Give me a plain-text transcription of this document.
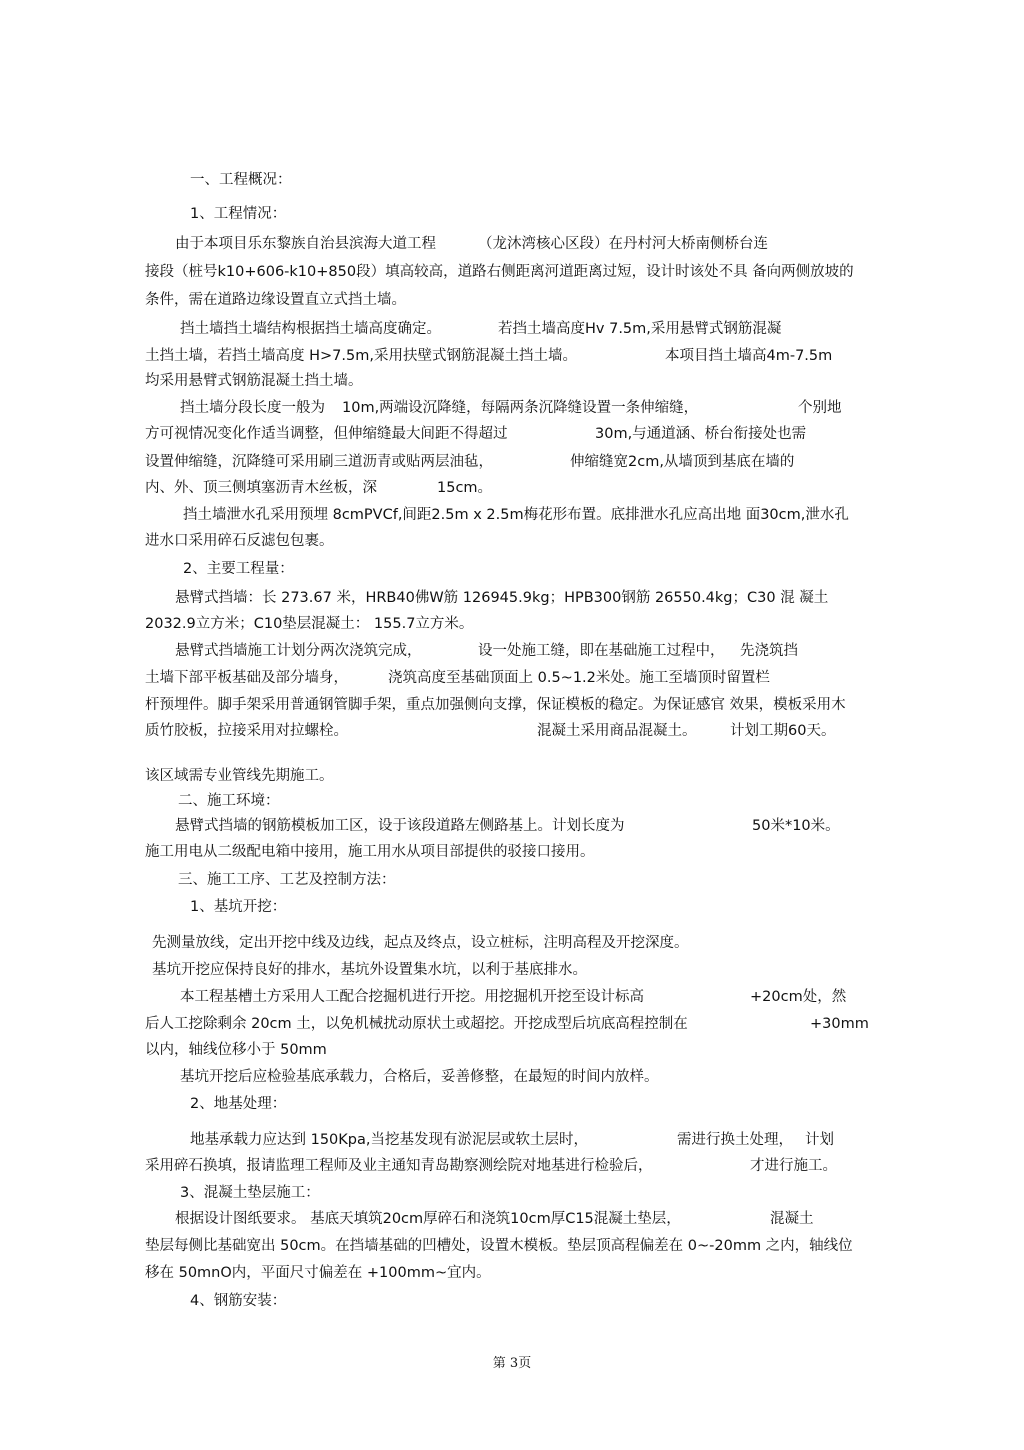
一、工程概况：
1、工程情况：
由于本项目乐东黎族自治县滨海大道工程	（龙沐湾核心区段）在丹村河大桥南侧桥台连
接段（桩号k10+606-k10+850段）填高较高，道路右侧距离河道距离过短，设计时该处不具 备向两侧放坡的
条件，需在道路边缘设置直立式挡土墙。
挡土墙挡土墙结构根据挡土墙高度确定。	若挡土墙高度Hv 7.5m,采用悬臂式钢筋混凝
土挡土墙，若挡土墙高度 H>7.5m,采用扶壁式钢筋混凝土挡土墙。	本项目挡土墙高4m-7.5m
均采用悬臂式钢筋混凝土挡土墙。
挡土墙分段长度一般为 10m,两端设沉降缝，每隔两条沉降缝设置一条伸缩缝，	个别地
方可视情况变化作适当调整，但伸缩缝最大间距不得超过	30m,与通道涵、桥台衔接处也需
设置伸缩缝，沉降缝可采用刷三道沥青或贴两层油毡，	伸缩缝宽2cm,从墙顶到基底在墙的
内、外、顶三侧填塞沥青木丝板，深	15cm。
挡土墙泄水孔采用预埋 8cmPVCf,间距2.5m x 2.5m梅花形布置。底排泄水孔应高出地 面30cm,泄水孔
进水口采用碎石反滤包包裹。
2、主要工程量：
悬臂式挡墙：长 273.67 米，HRB40佛W筋 126945.9kg；HPB300钢筋 26550.4kg；C30 混 凝土
2032.9立方米；C10垫层混凝土： 155.7立方米。
悬臂式挡墙施工计划分两次浇筑完成，	设一处施工缝，即在基础施工过程中， 先浇筑挡
土墙下部平板基础及部分墙身，	浇筑高度至基础顶面上 0.5~1.2米处。施工至墙顶时留置栏
杆预埋件。脚手架采用普通钢管脚手架，重点加强侧向支撑，保证模板的稳定。为保证感官 效果，模板采用木
质竹胶板，拉接采用对拉螺栓。	混凝土采用商品混凝土。 计划工期60天。
该区域需专业管线先期施工。
二、施工环境：
悬臂式挡墙的钢筋模板加工区，设于该段道路左侧路基上。计划长度为	50米*10米。
施工用电从二级配电箱中接用，施工用水从项目部提供的驳接口接用。
三、施工工序、工艺及控制方法：
1、基坑开挖：
先测量放线，定出开挖中线及边线，起点及终点，设立桩标，注明高程及开挖深度。
基坑开挖应保持良好的排水，基坑外设置集水坑，以利于基底排水。
本工程基槽土方采用人工配合挖掘机进行开挖。用挖掘机开挖至设计标高	+20cm处，然
后人工挖除剩余 20cm 土，以免机械扰动原状土或超挖。开挖成型后坑底高程控制在	+30mm
以内，轴线位移小于 50mm
基坑开挖后应检验基底承载力，合格后，妥善修整，在最短的时间内放样。
2、地基处理：
地基承载力应达到 150Kpa,当挖基发现有淤泥层或软土层时，	需进行换土处理， 计划
采用碎石换填，报请监理工程师及业主通知青岛勘察测绘院对地基进行检验后，	才进行施工。
3、混凝土垫层施工：
根据设计图纸要求。 基底天填筑20cm厚碎石和浇筑10cm厚C15混凝土垫层，	混凝土
垫层每侧比基础宽出 50cm。在挡墙基础的凹槽处，设置木模板。垫层顶高程偏差在 0~-20mm 之内，轴线位
移在 50mnO内，平面尺寸偏差在 +100mm~宜内。
4、钢筋安装：
第 3页
